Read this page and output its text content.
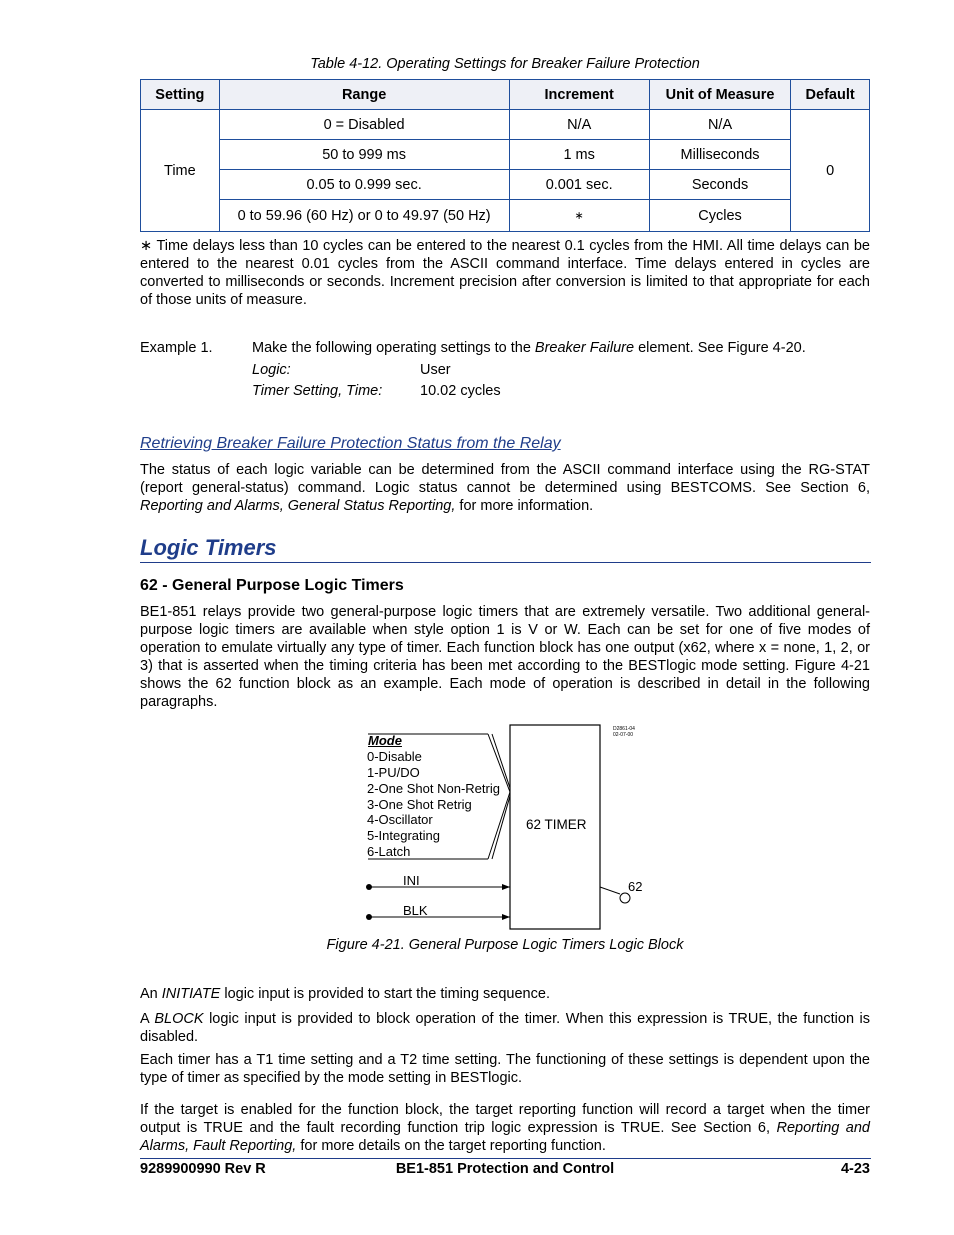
Table 4-12. Operating Settings for Breaker Failure Protection
Setting	Range	Increment	Unit of Measure	Default
Time	0 = Disabled	N/A	N/A	0
	50 to 999 ms	1 ms	Milliseconds	
	0.05 to 0.999 sec.	0.001 sec.	Seconds	
	0 to 59.96 (60 Hz) or 0 to 49.97 (50 Hz)	∗	Cycles	
∗ Time delays less than 10 cycles can be entered to the nearest 0.1 cycles from the HMI. All time delays can be entered to the nearest 0.01 cycles from the ASCII command interface. Time delays entered in cycles are converted to milliseconds or seconds. Increment precision after conversion is limited to that appropriate for each of those units of measure.
Example 1.	Make the following operating settings to the Breaker Failure element. See Figure 4-20.
Logic:	User
Timer Setting, Time:	10.02 cycles
Retrieving Breaker Failure Protection Status from the Relay
The status of each logic variable can be determined from the ASCII command interface using the RG-STAT (report general-status) command. Logic status cannot be determined using BESTCOMS. See Section 6, Reporting and Alarms, General Status Reporting, for more information.
Logic Timers
62 - General Purpose Logic Timers
BE1-851 relays provide two general-purpose logic timers that are extremely versatile. Two additional general-purpose logic timers are available when style option 1 is V or W. Each can be set for one of five modes of operation to emulate virtually any type of timer. Each function block has one output (x62, where x = none, 1, 2, or 3) that is asserted when the timing criteria has been met according to the BESTlogic mode setting. Figure 4-21 shows the 62 function block as an example. Each mode of operation is described in detail in the following paragraphs.
Mode
0-Disable
1-PU/DO
2-One Shot Non-Retrig
3-One Shot Retrig
4-Oscillator
5-Integrating
6-Latch
62 TIMER
INI
BLK
62
D2861-04
02-07-00
Figure 4-21. General Purpose Logic Timers Logic Block
An INITIATE logic input is provided to start the timing sequence.
A BLOCK logic input is provided to block operation of the timer. When this expression is TRUE, the function is disabled.
Each timer has a T1 time setting and a T2 time setting. The functioning of these settings is dependent upon the type of timer as specified by the mode setting in BESTlogic.
If the target is enabled for the function block, the target reporting function will record a target when the timer output is TRUE and the fault recording function trip logic expression is TRUE. See Section 6, Reporting and Alarms, Fault Reporting, for more details on the target reporting function.
9289900990 Rev R	BE1-851 Protection and Control	4-23
